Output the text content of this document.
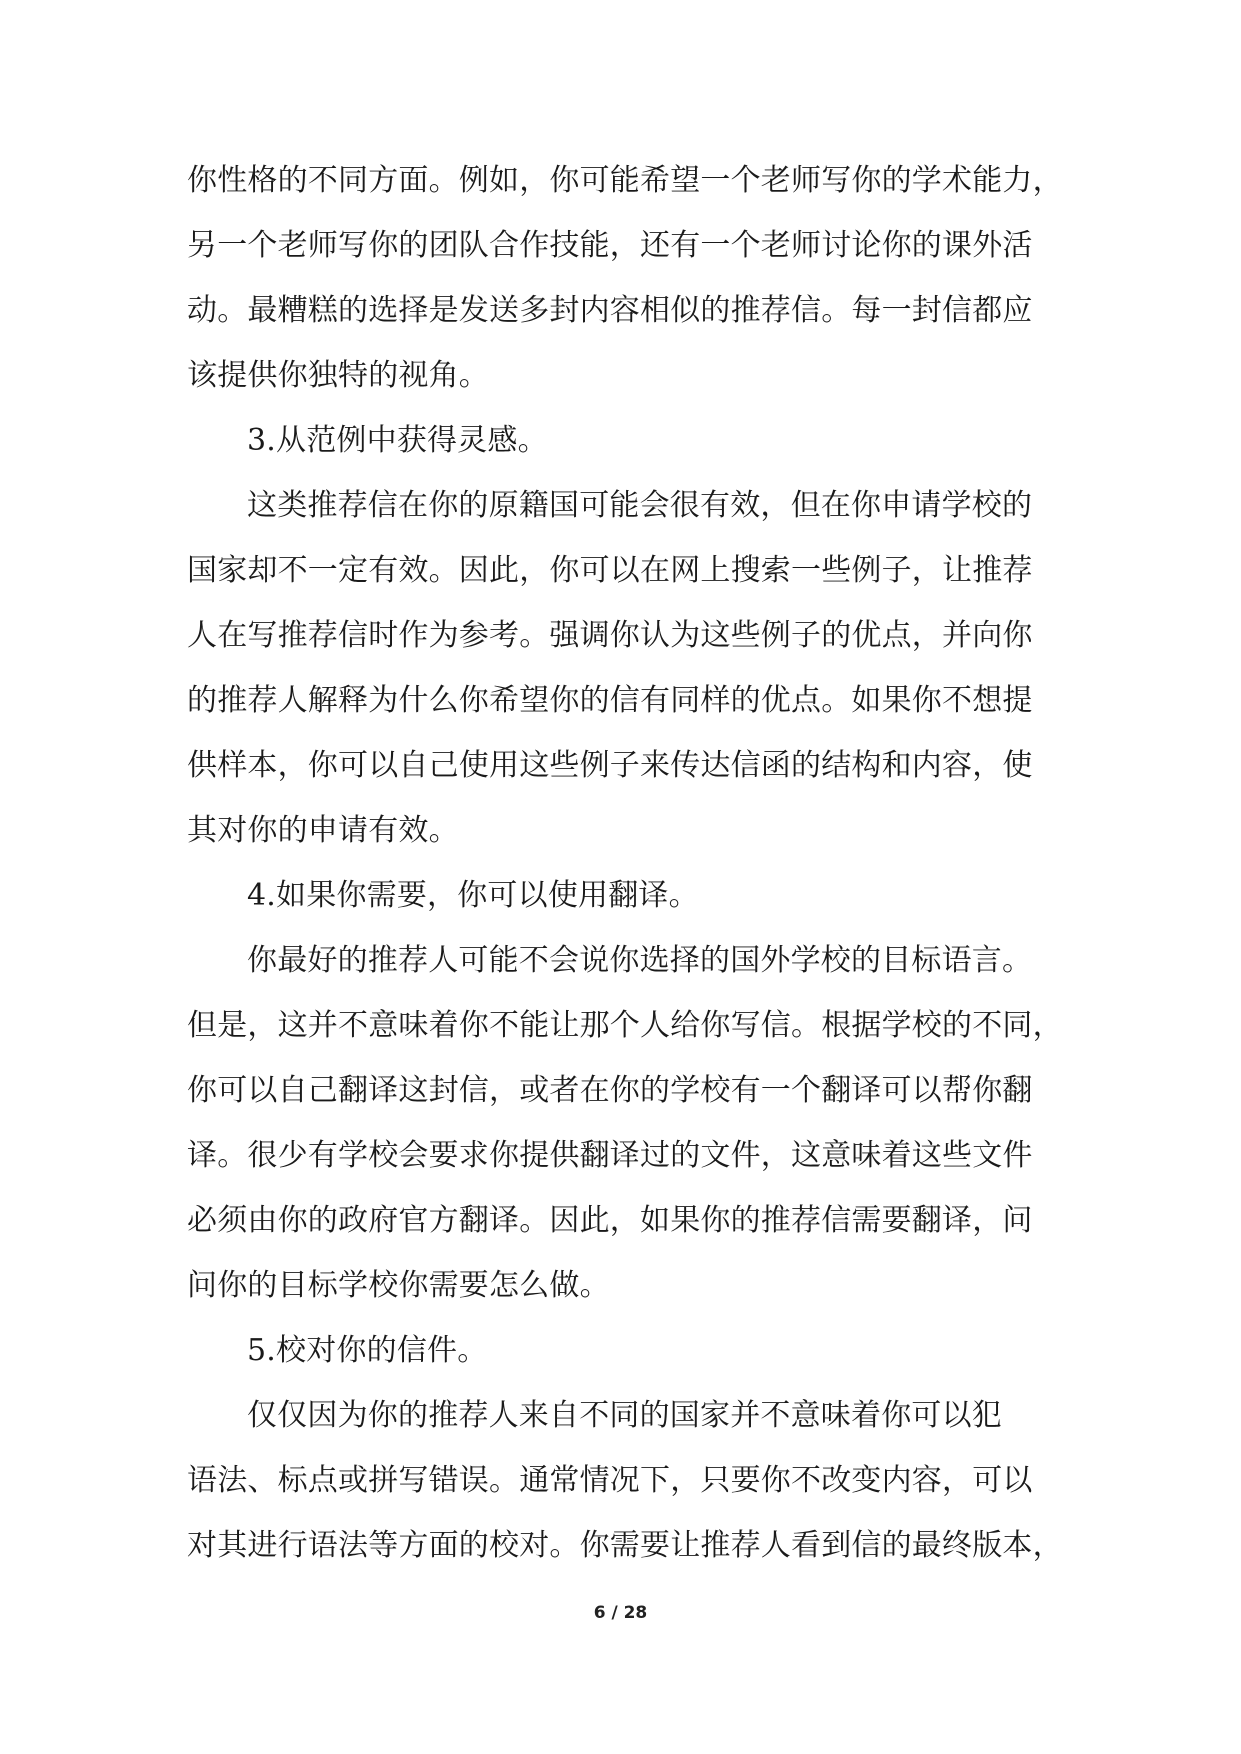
你性格的不同方面。例如，你可能希望一个老师写你的学术能力，
另一个老师写你的团队合作技能，还有一个老师讨论你的课外活
动。最糟糕的选择是发送多封内容相似的推荐信。每一封信都应
该提供你独特的视角。
3.从范例中获得灵感。
这类推荐信在你的原籍国可能会很有效，但在你申请学校的
国家却不一定有效。因此，你可以在网上搜索一些例子，让推荐
人在写推荐信时作为参考。强调你认为这些例子的优点，并向你
的推荐人解释为什么你希望你的信有同样的优点。如果你不想提
供样本，你可以自己使用这些例子来传达信函的结构和内容，使
其对你的申请有效。
4.如果你需要，你可以使用翻译。
你最好的推荐人可能不会说你选择的国外学校的目标语言。
但是，这并不意味着你不能让那个人给你写信。根据学校的不同，
你可以自己翻译这封信，或者在你的学校有一个翻译可以帮你翻
译。很少有学校会要求你提供翻译过的文件，这意味着这些文件
必须由你的政府官方翻译。因此，如果你的推荐信需要翻译，问
问你的目标学校你需要怎么做。
5.校对你的信件。
仅仅因为你的推荐人来自不同的国家并不意味着你可以犯
语法、标点或拼写错误。通常情况下，只要你不改变内容，可以
对其进行语法等方面的校对。你需要让推荐人看到信的最终版本，
6 / 28
